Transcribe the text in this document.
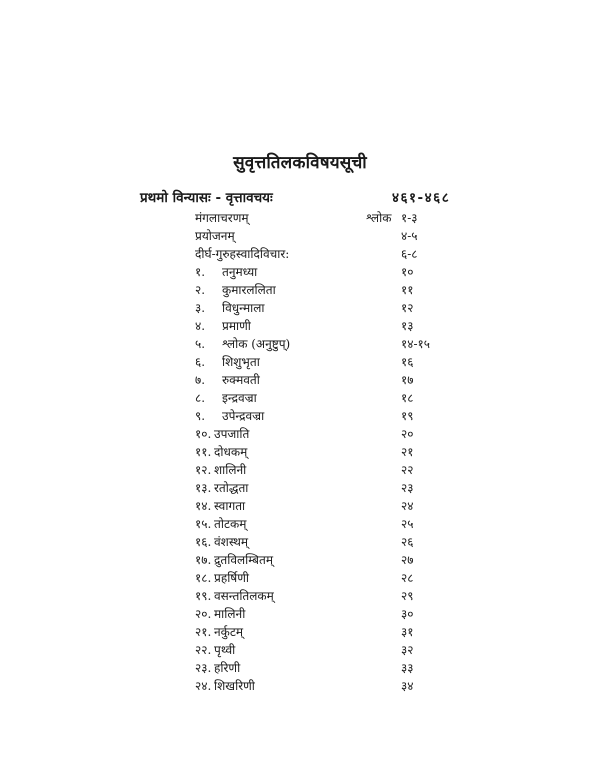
सुवृत्ततिलकविषयसूची
प्रथमो विन्यासः - वृत्तावचयः	४६१-४६८
मंगलाचरणम्	श्लोक १-३
प्रयोजनम्	४-५
दीर्घ-गुरुहस्वादिविचार:	६-८
१. तनुमध्या	१०
२. कुमारललिता	११
३. विधुन्माला	१२
४. प्रमाणी	१३
५. श्लोक (अनुष्टुप्)	१४-१५
६. शिशुभृता	१६
७. रुक्मवती	१७
८. इन्द्रवज्रा	१८
९. उपेन्द्रवज्रा	१९
१०. उपजाति	२०
११. दोधकम्	२१
१२. शालिनी	२२
१३. रतोद्धता	२३
१४. स्वागता	२४
१५. तोटकम्	२५
१६. वंशस्थम्	२६
१७. द्रुतविलम्बितम्	२७
१८. प्रहर्षिणी	२८
१९. वसन्ततिलकम्	२९
२०. मालिनी	३०
२१. नर्कुटम्	३१
२२. पृथ्वी	३२
२३. हरिणी	३३
२४. शिखरिणी	३४
